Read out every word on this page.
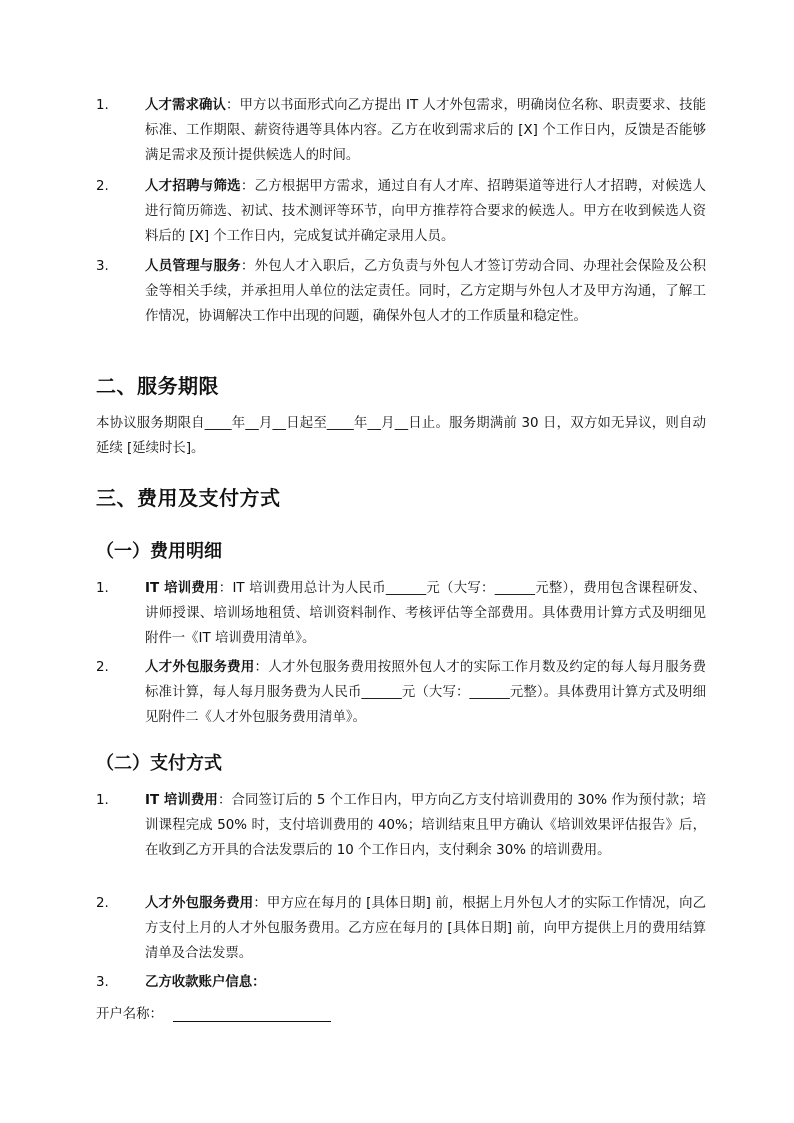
1.	人才需求确认：甲方以书面形式向乙方提出 IT 人才外包需求，明确岗位名称、职责要求、技能标准、工作期限、薪资待遇等具体内容。乙方在收到需求后的 [X] 个工作日内，反馈是否能够满足需求及预计提供候选人的时间。
2.	人才招聘与筛选：乙方根据甲方需求，通过自有人才库、招聘渠道等进行人才招聘，对候选人进行简历筛选、初试、技术测评等环节，向甲方推荐符合要求的候选人。甲方在收到候选人资料后的 [X] 个工作日内，完成复试并确定录用人员。
3.	人员管理与服务：外包人才入职后，乙方负责与外包人才签订劳动合同、办理社会保险及公积金等相关手续，并承担用人单位的法定责任。同时，乙方定期与外包人才及甲方沟通，了解工作情况，协调解决工作中出现的问题，确保外包人才的工作质量和稳定性。
二、服务期限
本协议服务期限自____年__月__日起至____年__月__日止。服务期满前 30 日，双方如无异议，则自动延续 [延续时长]。
三、费用及支付方式
（一）费用明细
1.	IT 培训费用：IT 培训费用总计为人民币______元（大写：______元整），费用包含课程研发、讲师授课、培训场地租赁、培训资料制作、考核评估等全部费用。具体费用计算方式及明细见附件一《IT 培训费用清单》。
2.	人才外包服务费用：人才外包服务费用按照外包人才的实际工作月数及约定的每人每月服务费标准计算，每人每月服务费为人民币______元（大写：______元整）。具体费用计算方式及明细见附件二《人才外包服务费用清单》。
（二）支付方式
1.	IT 培训费用：合同签订后的 5 个工作日内，甲方向乙方支付培训费用的 30% 作为预付款；培训课程完成 50% 时，支付培训费用的 40%；培训结束且甲方确认《培训效果评估报告》后，在收到乙方开具的合法发票后的 10 个工作日内，支付剩余 30% 的培训费用。
2.	人才外包服务费用：甲方应在每月的 [具体日期] 前，根据上月外包人才的实际工作情况，向乙方支付上月的人才外包服务费用。乙方应在每月的 [具体日期] 前，向甲方提供上月的费用结算清单及合法发票。
3.	乙方收款账户信息：
开户名称：
